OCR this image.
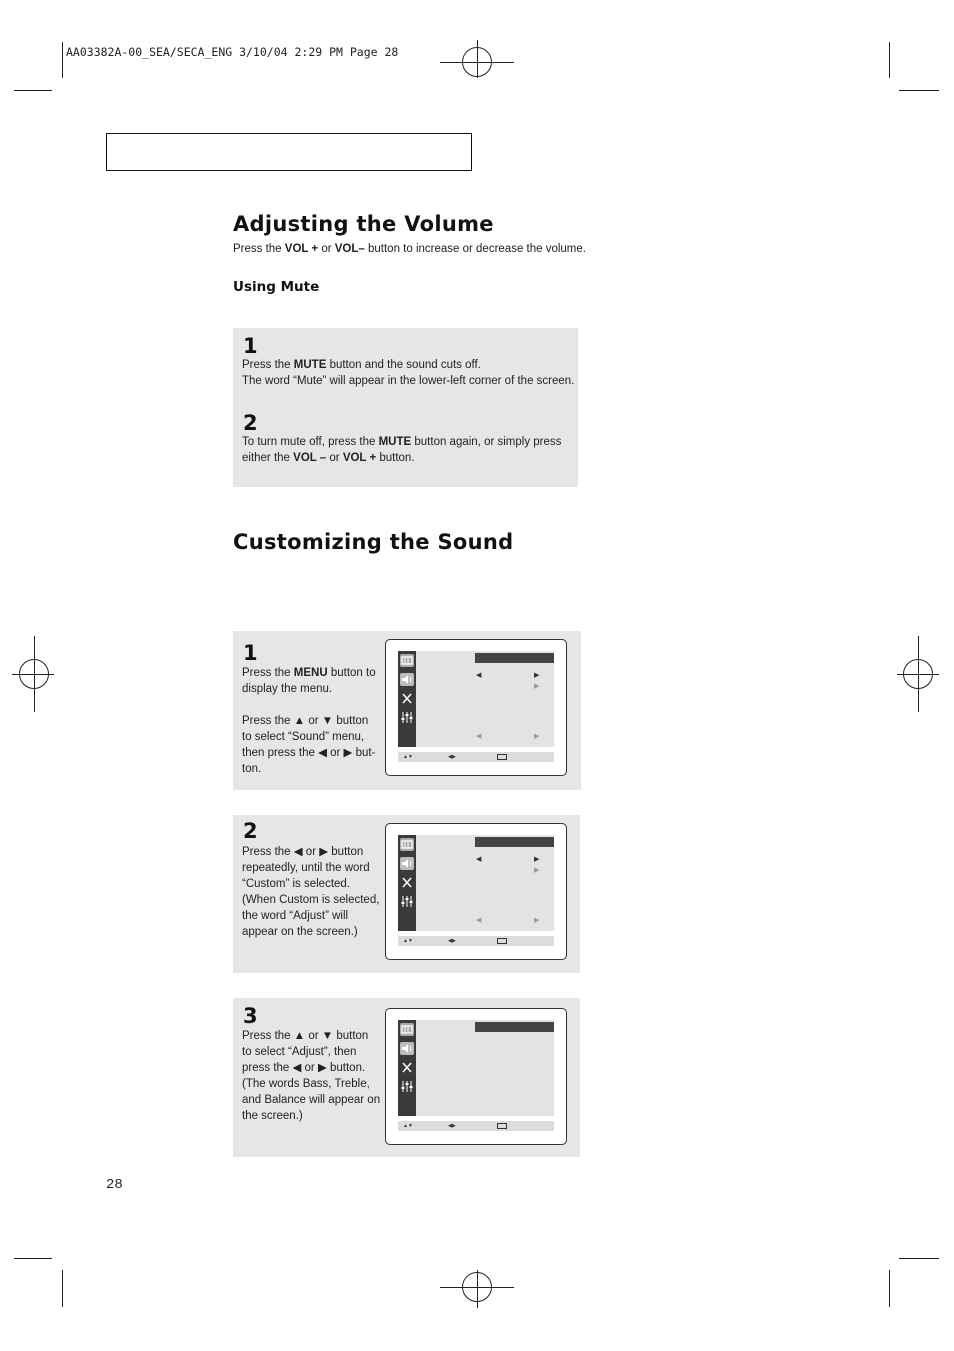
AA03382A-00_SEA/SECA_ENG 3/10/04 2:29 PM Page 28
Adjusting the Volume
Press the VOL + or VOL– button to increase or decrease the volume.
Using Mute
1
Press the MUTE button and the sound cuts off.
The word “Mute” will appear in the lower-left corner of the screen.
2
To turn mute off, press the MUTE button again, or simply press
either the VOL – or VOL + button.
Customizing the Sound
1
Press the MENU button to
display the menu.
Press the ▲ or ▼ button
to select “Sound” menu,
then press the ◀ or ▶ but-
ton.
◀	▶
▶
◀	▶
▲▼	◀▶
2
Press the ◀ or ▶ button
repeatedly, until the word
“Custom” is selected.
(When Custom is selected,
the word “Adjust” will
appear on the screen.)
◀	▶
▶
◀	▶
▲▼	◀▶
3
Press the ▲ or ▼ button
to select “Adjust”, then
press the ◀ or ▶ button.
(The words Bass, Treble,
and Balance will appear on
the screen.)
▲▼	◀▶
28
